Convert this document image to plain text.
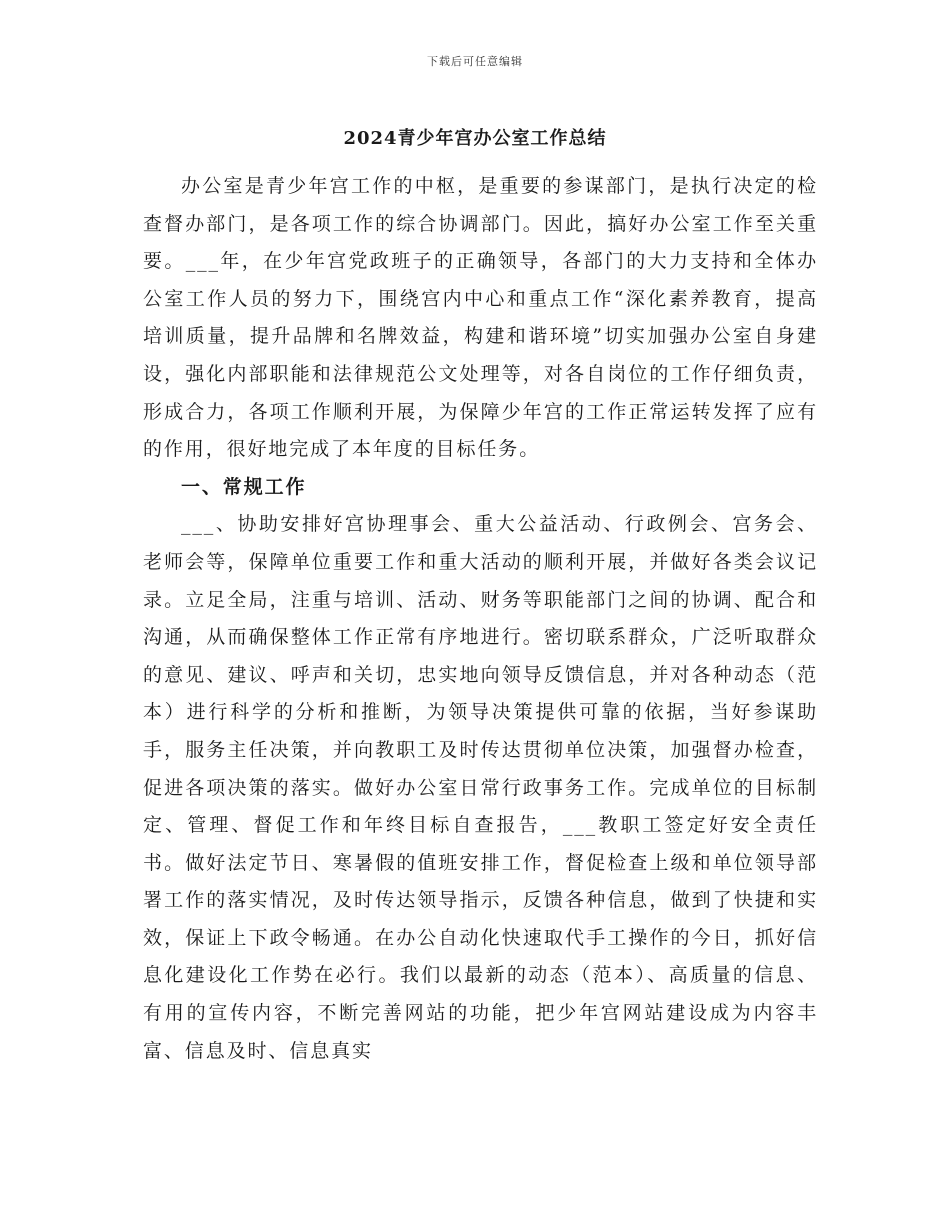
下载后可任意编辑
2024青少年宫办公室工作总结

办公室是青少年宫工作的中枢，是重要的参谋部门，是执行决定的检查督办部门，是各项工作的综合协调部门。因此，搞好办公室工作至关重要。___年，在少年宫党政班子的正确领导，各部门的大力支持和全体办公室工作人员的努力下，围绕宫内中心和重点工作“深化素养教育，提高培训质量，提升品牌和名牌效益，构建和谐环境”切实加强办公室自身建设，强化内部职能和法律规范公文处理等，对各自岗位的工作仔细负责，形成合力，各项工作顺利开展，为保障少年宫的工作正常运转发挥了应有的作用，很好地完成了本年度的目标任务。

一、常规工作

___、协助安排好宫协理事会、重大公益活动、行政例会、宫务会、老师会等，保障单位重要工作和重大活动的顺利开展，并做好各类会议记录。立足全局，注重与培训、活动、财务等职能部门之间的协调、配合和沟通，从而确保整体工作正常有序地进行。密切联系群众，广泛听取群众的意见、建议、呼声和关切，忠实地向领导反馈信息，并对各种动态（范本）进行科学的分析和推断，为领导决策提供可靠的依据，当好参谋助手，服务主任决策，并向教职工及时传达贯彻单位决策，加强督办检查，促进各项决策的落实。做好办公室日常行政事务工作。完成单位的目标制定、管理、督促工作和年终目标自查报告，___教职工签定好安全责任书。做好法定节日、寒暑假的值班安排工作，督促检查上级和单位领导部署工作的落实情况，及时传达领导指示，反馈各种信息，做到了快捷和实效，保证上下政令畅通。在办公自动化快速取代手工操作的今日，抓好信息化建设化工作势在必行。我们以最新的动态（范本）、高质量的信息、有用的宣传内容，不断完善网站的功能，把少年宫网站建设成为内容丰富、信息及时、信息真实
